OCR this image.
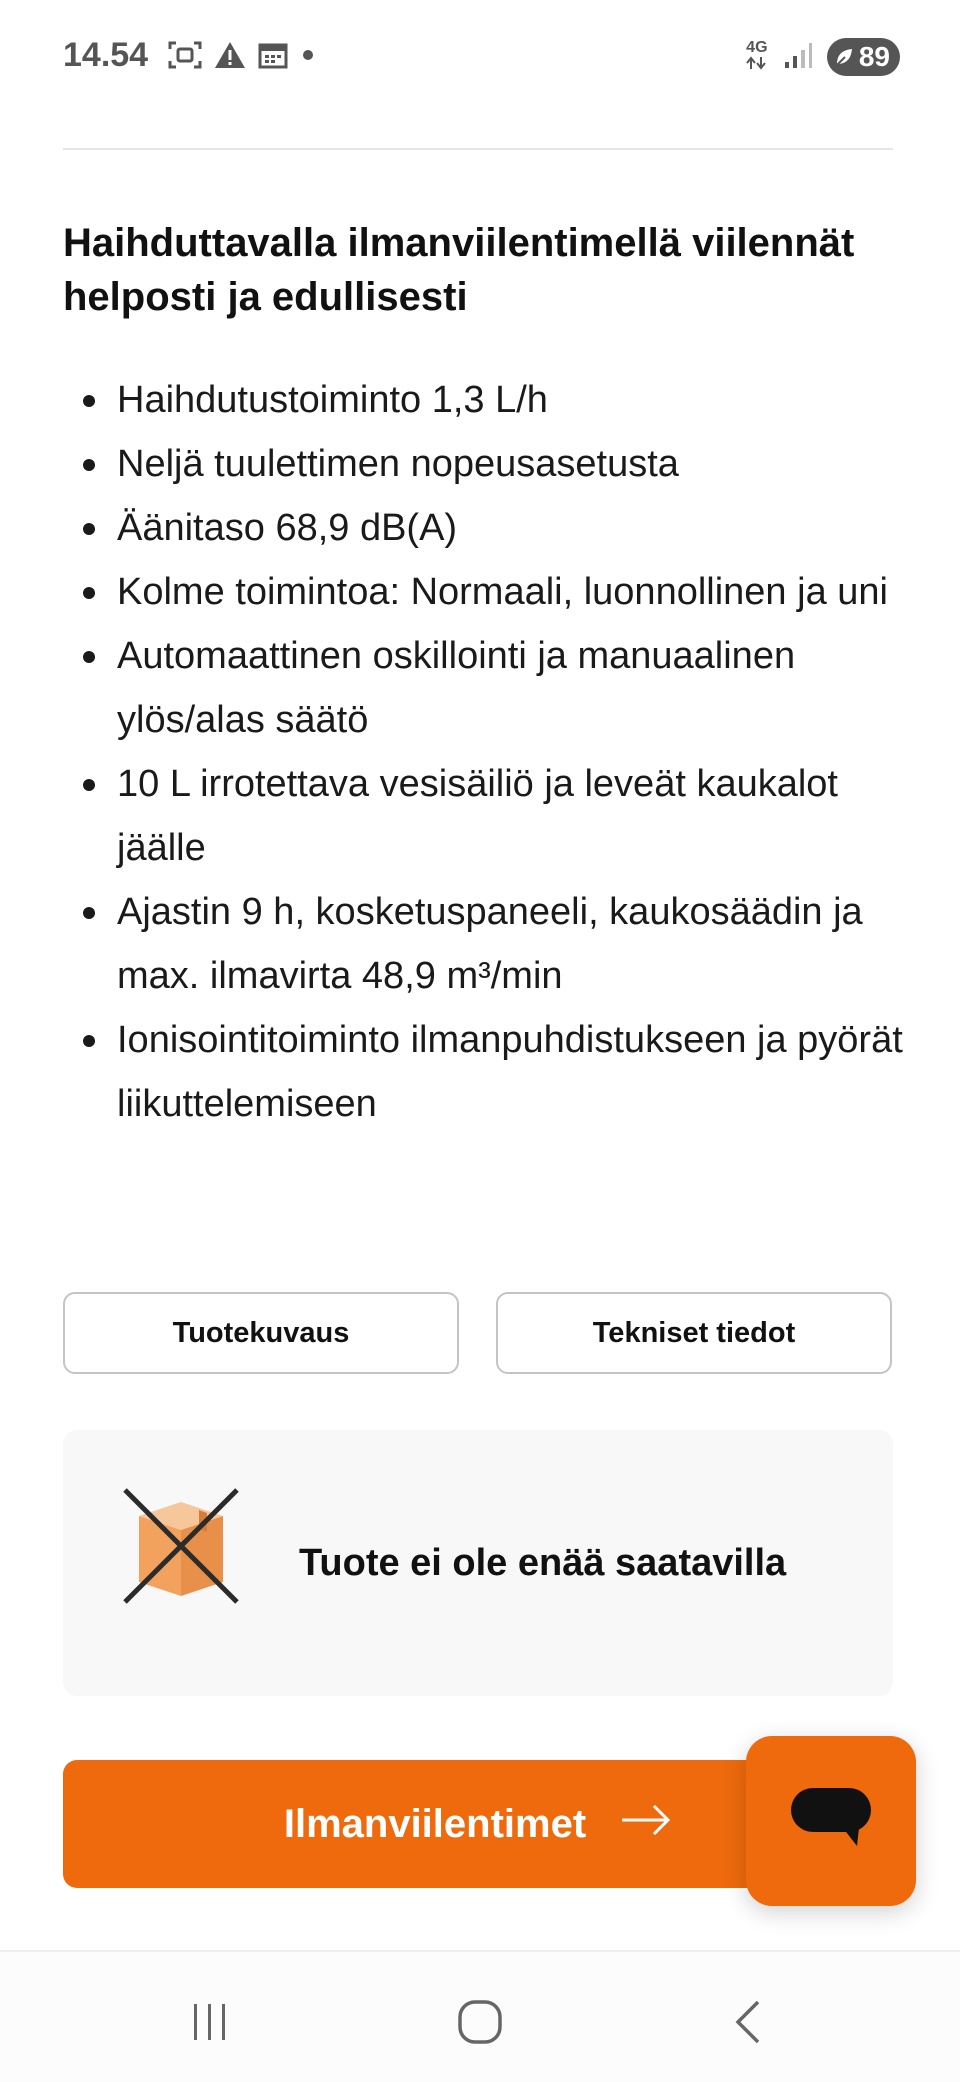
14.54	4G	89
Haihduttavalla ilmanviilentimellä viilennät helposti ja edullisesti
Haihdutustoiminto 1,3 L/h
Neljä tuulettimen nopeusasetusta
Äänitaso 68,9 dB(A)
Kolme toimintoa: Normaali, luonnollinen ja uni
Automaattinen oskillointi ja manuaalinen ylös/alas säätö
10 L irrotettava vesisäiliö ja leveät kaukalot jäälle
Ajastin 9 h, kosketuspaneeli, kaukosäädin ja max. ilmavirta 48,9 m³/min
Ionisointitoiminto ilmanpuhdistukseen ja pyörät liikuttelemiseen
Tuotekuvaus	Tekniset tiedot
Tuote ei ole enää saatavilla
Ilmanviilentimet
